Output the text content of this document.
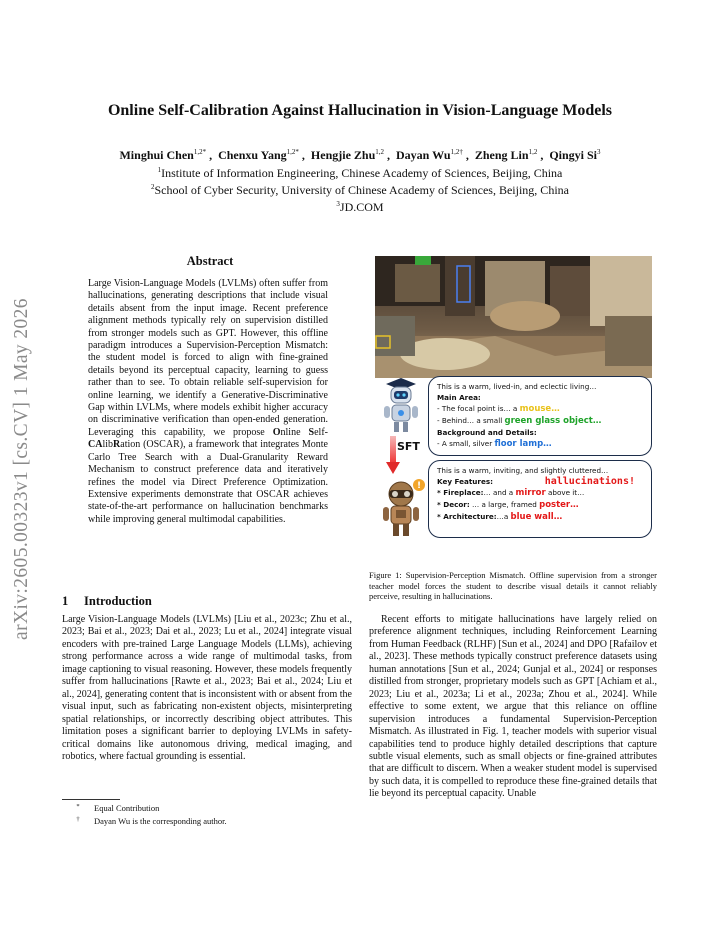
arXiv:2605.00323v1 [cs.CV] 1 May 2026
Online Self-Calibration Against Hallucination in Vision-Language Models
Minghui Chen$^{1,2*}$ ,  Chenxu Yang$^{1,2*}$ ,  Hengjie Zhu$^{1,2}$ ,  Dayan $Wu^{1,2\dagger}$ ,  Zheng Lin$^{1,2}$ ,  Qingyi Si$^3$
$^1$Institute of Information Engineering, Chinese Academy of Sciences, Beijing, China
$^2$School of Cyber Security, University of Chinese Academy of Sciences, Beijing, China
$^3$JD.COM
Abstract
Large Vision-Language Models (LVLMs) often suffer from hallucinations, generating descriptions that include visual details absent from the input image. Recent preference alignment methods typically rely on supervision distilled from stronger models such as GPT. However, this offline paradigm introduces a Supervision-Perception Mismatch: the student model is forced to align with fine-grained details beyond its perceptual capacity, learning to guess rather than to see. To obtain reliable self-supervision for online learning, we identify a Generative-Discriminative Gap within LVLMs, where models exhibit higher accuracy on discriminative verification than open-ended generation. Leveraging this capability, we propose Online Self-CAlibRation (OSCAR), a framework that integrates Monte Carlo Tree Search with a Dual-Granularity Reward Mechanism to construct preference data and iteratively refines the model via Direct Preference Optimization. Extensive experiments demonstrate that OSCAR achieves state-of-the-art performance on hallucination benchmarks while improving general multimodal capabilities.
SFT
!
This is a warm, lived-in, and eclectic living…
Main Area:
- The focal point is… a mouse…
- Behind… a small green glass object…
Background and Details:
- A small, silver floor lamp…
This is a warm, inviting, and slightly cluttered…
Key Features:	hallucinations!
* Fireplace:… and a mirror above it…
* Decor: … a large, framed poster…
* Architecture:…a blue wall…
Figure 1: Supervision-Perception Mismatch. Offline supervision from a stronger teacher model forces the student to describe visual details it cannot reliably perceive, resulting in hallucinations.
1 Introduction
Large Vision-Language Models (LVLMs) [Liu et al., 2023c; Zhu et al., 2023; Bai et al., 2023; Dai et al., 2023; Lu et al., 2024] integrate visual encoders with pre-trained Large Language Models (LLMs), achieving strong performance across a wide range of multimodal tasks, from image captioning to visual reasoning. However, these models frequently suffer from hallucinations [Rawte et al., 2023; Bai et al., 2024; Liu et al., 2024], generating content that is inconsistent with or absent from the visual input, such as fabricating non-existent objects, misinterpreting spatial relationships, or incorrectly describing object attributes. This limitation poses a significant barrier to deploying LVLMs in safety-critical domains like autonomous driving, medical imaging, and robotics, where factual grounding is essential.
Recent efforts to mitigate hallucinations have largely relied on preference alignment techniques, including Reinforcement Learning from Human Feedback (RLHF) [Sun et al., 2024] and DPO [Rafailov et al., 2023]. These methods typically construct preference datasets using human annotations [Sun et al., 2024; Gunjal et al., 2024] or responses distilled from stronger, proprietary models such as GPT [Achiam et al., 2023; Liu et al., 2023a; Li et al., 2023a; Zhou et al., 2024]. While effective to some extent, we argue that this reliance on offline supervision introduces a fundamental Supervision-Perception Mismatch. As illustrated in Fig. 1, teacher models with superior visual capabilities tend to produce highly detailed descriptions that capture subtle visual elements, such as small objects or fine-grained attributes that are difficult to discern. When a weaker student model is supervised by such data, it is compelled to reproduce these fine-grained details that lie beyond its perceptual capacity. Unable
* Equal Contribution
† Dayan Wu is the corresponding author.
